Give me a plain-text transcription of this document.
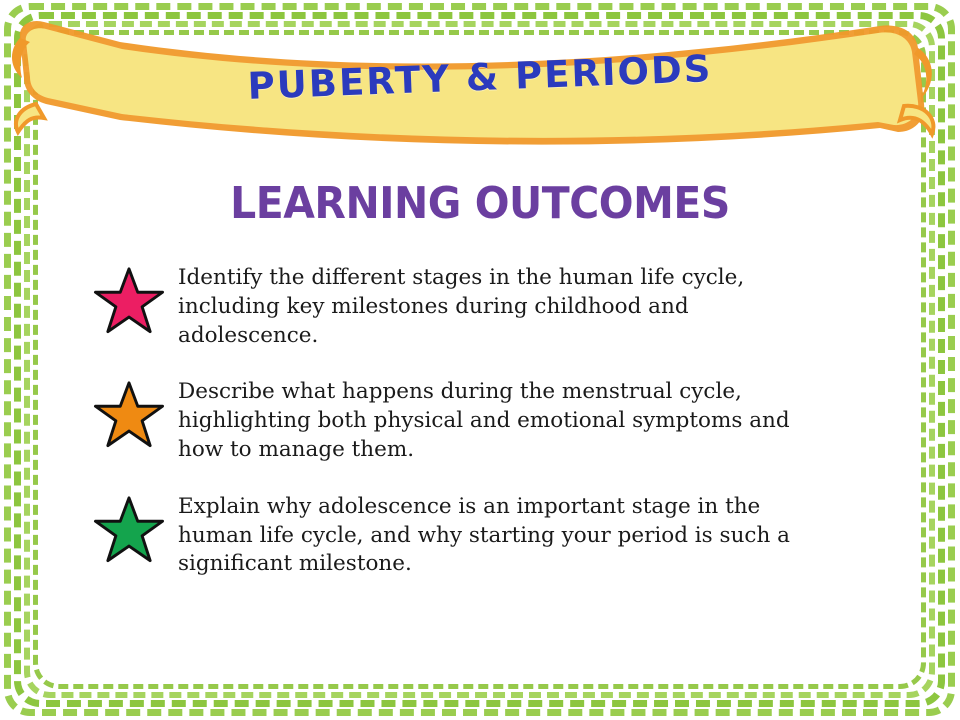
PUBERTY & PERIODS
LEARNING OUTCOMES
Identify the different stages in the human life cycle, including key milestones during childhood and adolescence.
Describe what happens during the menstrual cycle, highlighting both physical and emotional symptoms and how to manage them.
Explain why adolescence is an important stage in the human life cycle, and why starting your period is such a significant milestone.
